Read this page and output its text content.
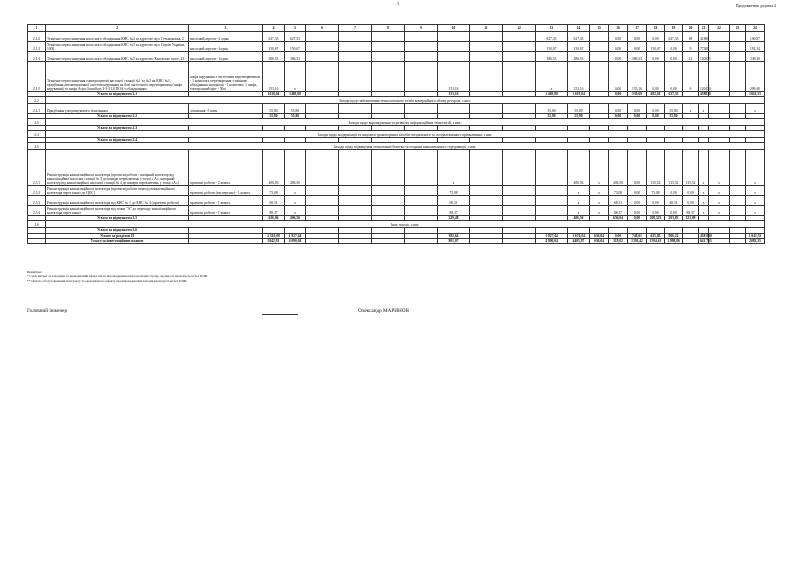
3	Продовження додатка 4
1	2	3	4	5	6	7	8	9	10	11	12	13	14	15	16	17	18	19	20	21	22	23	24
2.1.2	Технічне переоснащення насосного обладнання КНС №4 за адресою: вул. Гетьманська, 2	насосний агрегат -2 один.	627,33	627,33								627,33	627,33		0,00	0,00	0,00	627,33	69	41800			100,87
2.1.3	Технічне переоснащення насосного обладнання КНС №3 за адресою: вул. Героїв України, 100Б	насосний агрегат -1один.	150,67	150,67								150,67	150,67		0,00	0,00	150,67	0,00	9	77300			192,34
2.1.4	Технічне переоснащення насосного обладнання КНС №5 за адресою: Каховське шосе, 23	насосний агрегат -1один.	386,53	386,53								386,53	386,53		0,00	386,53	0,00	0,00	12	140525			349,30
2.1.5	Технічне переоснащення електрощитові насосної станції №1 та №3 на КНС №1, придбання автоматизованої системи керування на базі частотного перетворювача (шафа керування) та шафа Acpu Grundfoss 3-5-31,8 DOA з обладнанням	шафа керування з частотним перетворювачем - 1 комплект, перетворення з заміною обладнання матеріали - 1 комплект, 1 шафа, електронний щит - 50м	153,16	x					153,16			x	153,16		0,00	153,16	0,00	0,00	6	120450			299,40
	Усього за підпунктом 2.1		1618,04	1469,88					153,16			1 469,88	1 619,04		0,00	539,69	492,02	627,33		438830			1041,33
2.2	Заходи щодо забезпечення технологічного та/або комерційного обліку ресурсів, з них:																						
2.2.1	Придбання ультразвукового лічильника	лічильник -5 шин.	55,80	55,80								55,80	55,80		0,00	0,00	0,00	55,80	x	x			x
	Усього за підпунктом 2.2		55,80	55,80								55,80	55,80		0,00	0,00	0,00	55,80					
2.3	Заходи щодо впровадження та розвитку інформаційних технологій, з них:																						
	Усього за підпунктом 2.3																						
2.4	Заходи щодо модернізації та закупівлі транспортних засобів спеціального та спеціалізованого призначення, з них:																						
	Усього за підпунктом 2.4																						
2.5	Заходи щодо підвищення техногенної безпеки та охорони навколишнього середовища, з них:																						
2.5.1	Реконструкція каналізаційного колектора (проектні роботи - напірний колектор від каналізаційної насосної станції № 5 до камери переключень у точці « А», напірний колектор від каналізаційної насосної станції № 4 до камери переключень у точці «А»)	проектні роботи - 2 компл.	406,56	406,56					x				406,56	x	406,56	0,00	135,52	135,52	135,52	x	x		x
2.5.2	Реконструкція каналізаційного колектора (проектні роботи перехід каналізаційного колектора через канал до ЦОС)	проектні роботи (експертиза) - 1 компл.	73,08	x					73,08				x	x	73,08	0,00	73,08	0,00	0,00	x	x		x
2.5.3	Реконструкція каналізаційного колектора від КНС № 1 до КНС № 4 (проектні роботи)	проектні роботи - 1 компл.	68,31	x					68,31				x	x	68,31	0,00	0,00	68,31	0,00	x	x		x
2.5.4	Реконструкція каналізаційного колектора від точки "А" до переходу каналізаційного колектора через канал	проектні роботи - 1 компл.	88,37	x					88,37				x	x	88,37	0,00	0,00	0,00	88,37	x	x		x
	Усього за підпунктом 2.5		636,04	406,56					229,48				406,56		636,04	0,00	208,523	203,83	223,89				
2.6	Інші заходи, з них:																						
	Усього за підпунктом 2.6																						
	Усього за розділом II		2 310,08	1 927,44					382,64			1 927,44	1 674,04	636,04	0,00	748,01	655,85	906,22		438 830			1 041,33
	Усього за інвестиційним планом		5042,81	4 090,04					801,07			4 090,04	4405,97	636,04	318,02	1330,42	1594,61	1 998,86		641 755			2082,35
Примітки:
* Сума витрат за заходами та економічний ефект від їх впровадження при реалізації строку окупності враховується без ПДВ.
** Оплата обслуговування контракту та економічного ефекту від впровадження заходів враховується без ПДВ.
Головний інженер	Олександр МАРИНОВ
